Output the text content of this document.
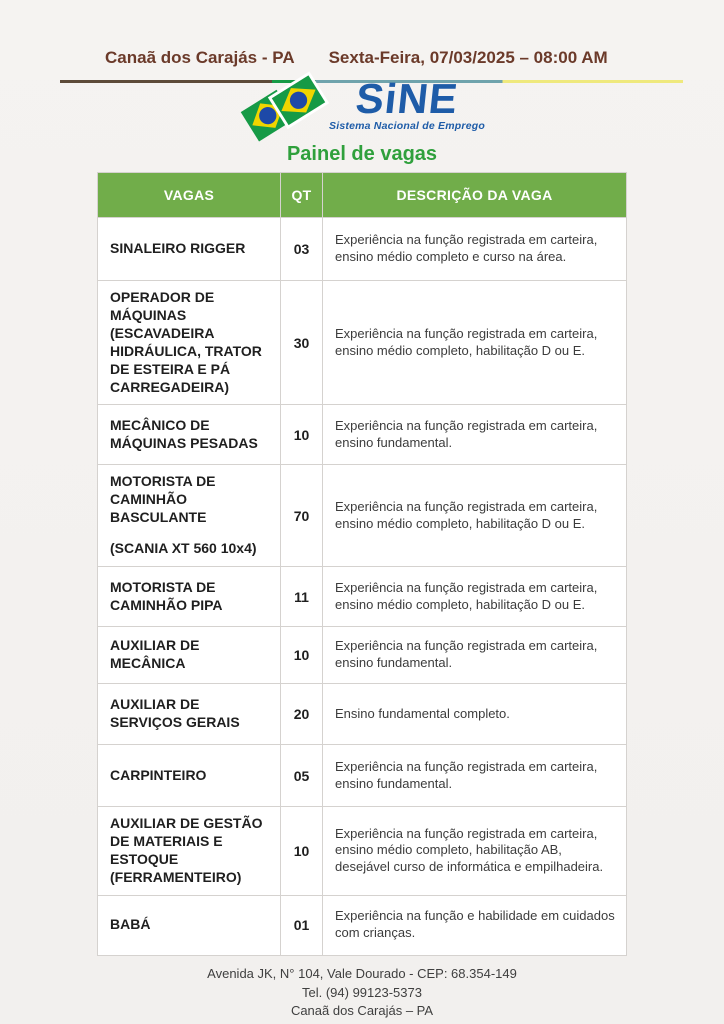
Canaã dos Carajás - PA Sexta-Feira, 07/03/2025 – 08:00 AM
SiNE
Sistema Nacional de Emprego
Painel de vagas
VAGAS	QT	DESCRIÇÃO DA VAGA

SINALEIRO RIGGER	03	Experiência na função registrada em carteira, ensino médio completo e curso na área.

OPERADOR DE MÁQUINAS (ESCAVADEIRA HIDRÁULICA, TRATOR DE ESTEIRA E PÁ CARREGADEIRA)	30	Experiência na função registrada em carteira, ensino médio completo, habilitação D ou E.

MECÂNICO DE MÁQUINAS PESADAS	10	Experiência na função registrada em carteira, ensino fundamental.

MOTORISTA DE CAMINHÃO BASCULANTE
(SCANIA XT 560 10x4)	70	Experiência na função registrada em carteira, ensino médio completo, habilitação D ou E.

MOTORISTA DE CAMINHÃO PIPA	11	Experiência na função registrada em carteira, ensino médio completo, habilitação D ou E.

AUXILIAR DE MECÂNICA	10	Experiência na função registrada em carteira, ensino fundamental.

AUXILIAR DE SERVIÇOS GERAIS	20	Ensino fundamental completo.

CARPINTEIRO	05	Experiência na função registrada em carteira, ensino fundamental.

AUXILIAR DE GESTÃO DE MATERIAIS E ESTOQUE (FERRAMENTEIRO)	10	Experiência na função registrada em carteira, ensino médio completo, habilitação AB, desejável curso de informática e empilhadeira.

BABÁ	01	Experiência na função e habilidade em cuidados com crianças.
Avenida JK, N° 104, Vale Dourado - CEP: 68.354-149
Tel. (94) 99123-5373
Canaã dos Carajás – PA
